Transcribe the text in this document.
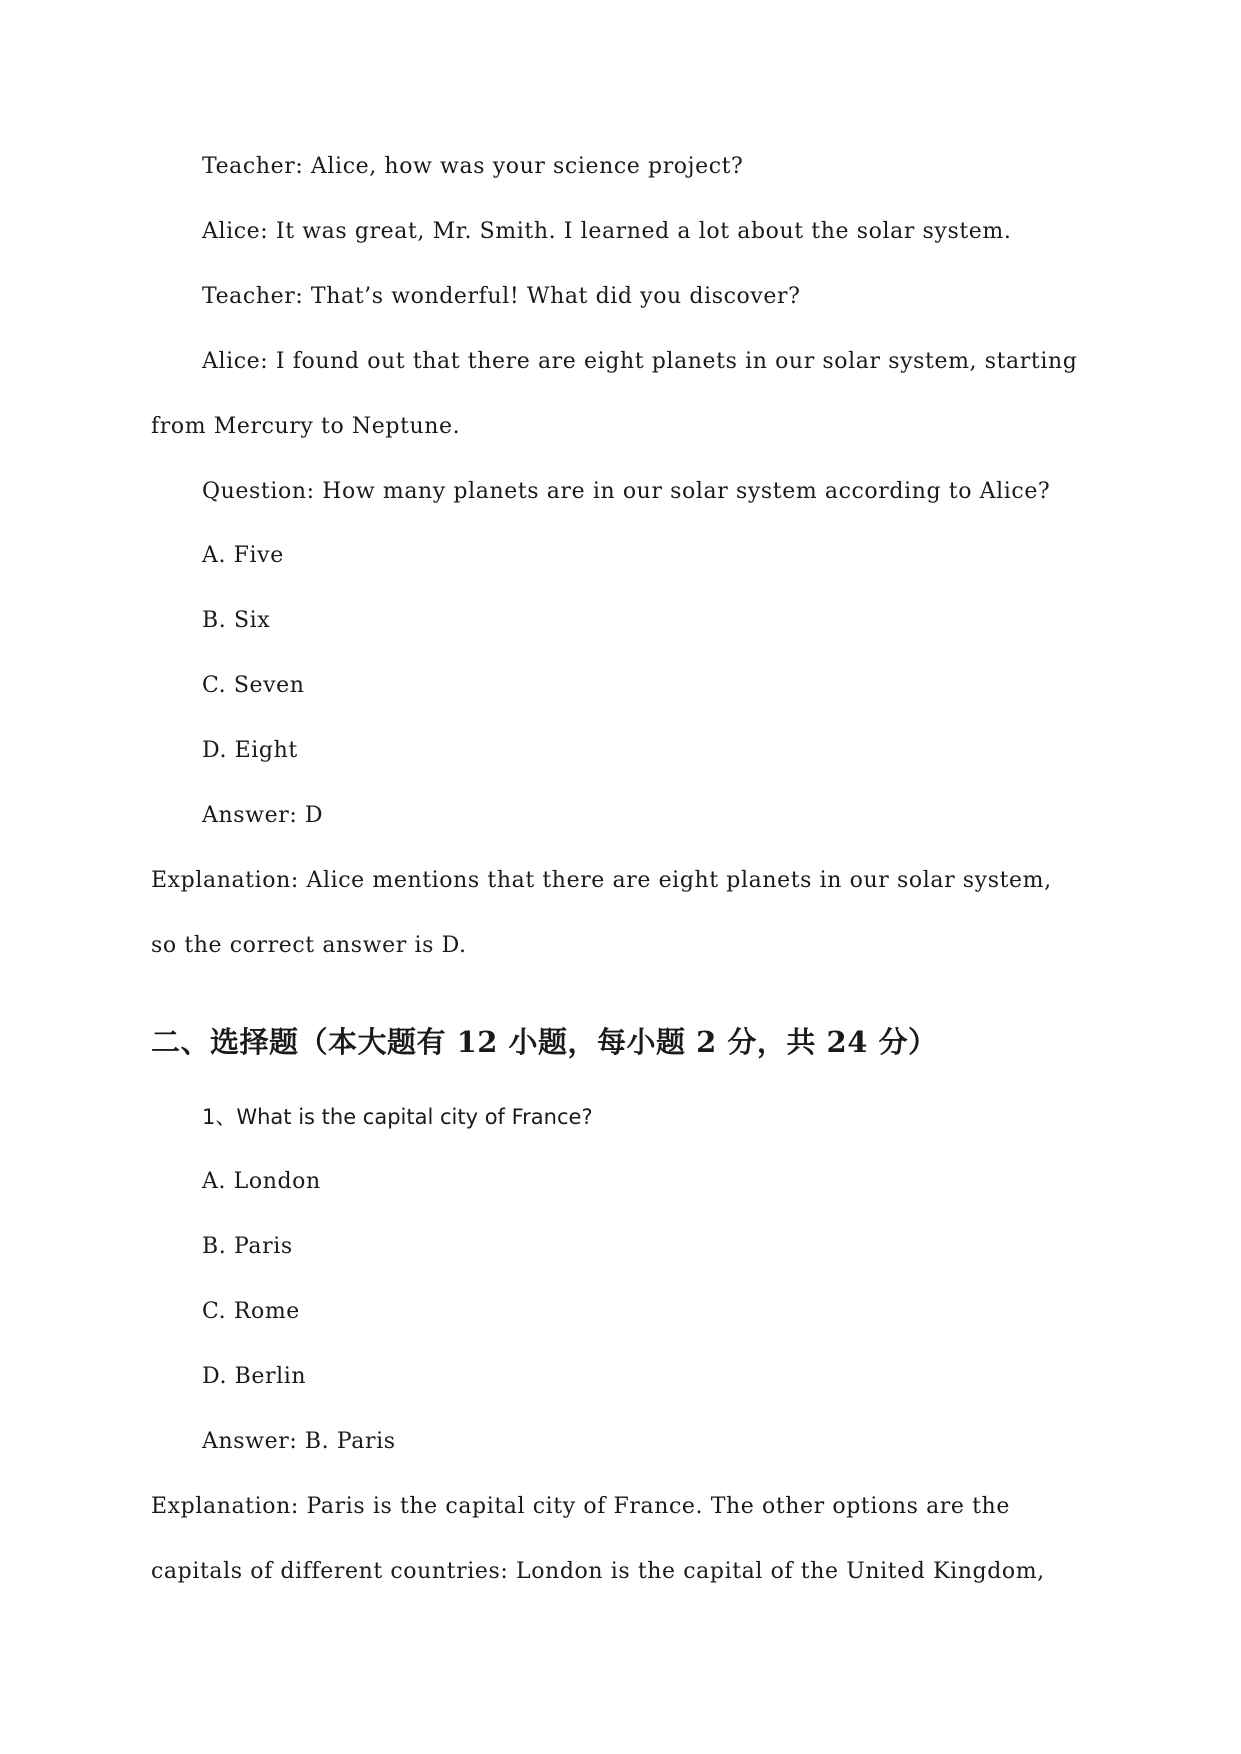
Teacher: Alice, how was your science project?
Alice: It was great, Mr. Smith. I learned a lot about the solar system.
Teacher: That’s wonderful! What did you discover?
Alice: I found out that there are eight planets in our solar system, starting
from Mercury to Neptune.
Question: How many planets are in our solar system according to Alice?
A. Five
B. Six
C. Seven
D. Eight
Answer: D
Explanation: Alice mentions that there are eight planets in our solar system,
so the correct answer is D.
二、选择题（本大题有 12 小题，每小题 2 分，共 24 分）
1、What is the capital city of France?
A. London
B. Paris
C. Rome
D. Berlin
Answer: B. Paris
Explanation: Paris is the capital city of France. The other options are the
capitals of different countries: London is the capital of the United Kingdom,
